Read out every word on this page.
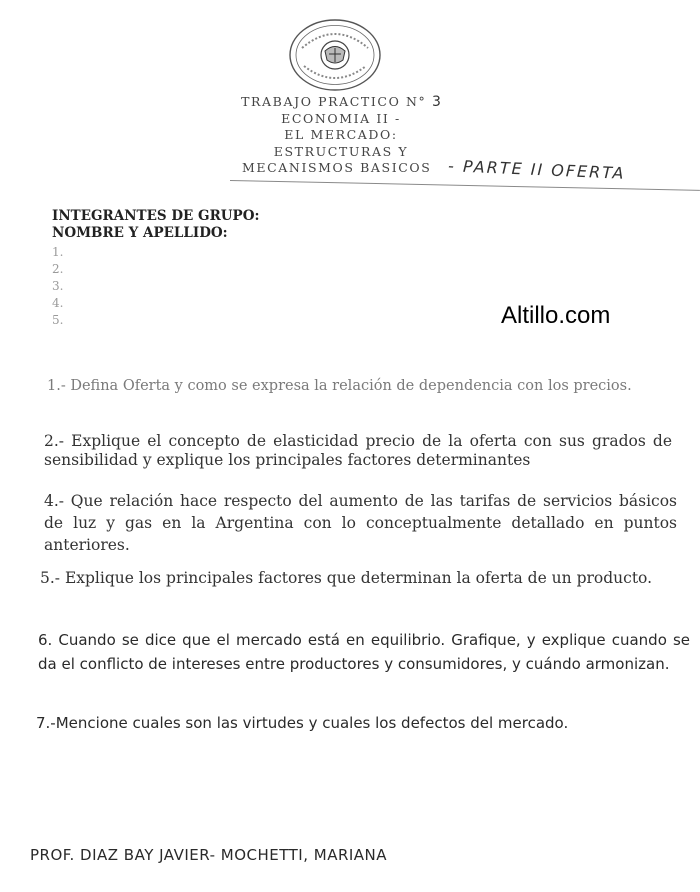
TRABAJO PRACTICO N° 3
ECONOMIA II -
EL MERCADO:
ESTRUCTURAS Y
MECANISMOS BASICOS	- PARTE II OFERTA
INTEGRANTES DE GRUPO:
NOMBRE Y APELLIDO:
1.
2.
3.
4.
5.	Altillo.com
1.- Defina Oferta y como se expresa la relación de dependencia con los precios.
2.- Explique el concepto de elasticidad precio de la oferta con sus grados de sensibilidad y explique los principales factores determinantes
4.- Que relación hace respecto del aumento de las tarifas de servicios básicos de luz y gas en la Argentina con lo conceptualmente detallado en puntos anteriores.
5.- Explique los principales factores que determinan la oferta de un producto.
6. Cuando se dice que el mercado está en equilibrio. Grafique, y explique cuando se da el conflicto de intereses entre productores y consumidores, y cuándo armonizan.
7.-Mencione cuales son las virtudes y cuales los defectos del mercado.
PROF. DIAZ BAY JAVIER- MOCHETTI, MARIANA
